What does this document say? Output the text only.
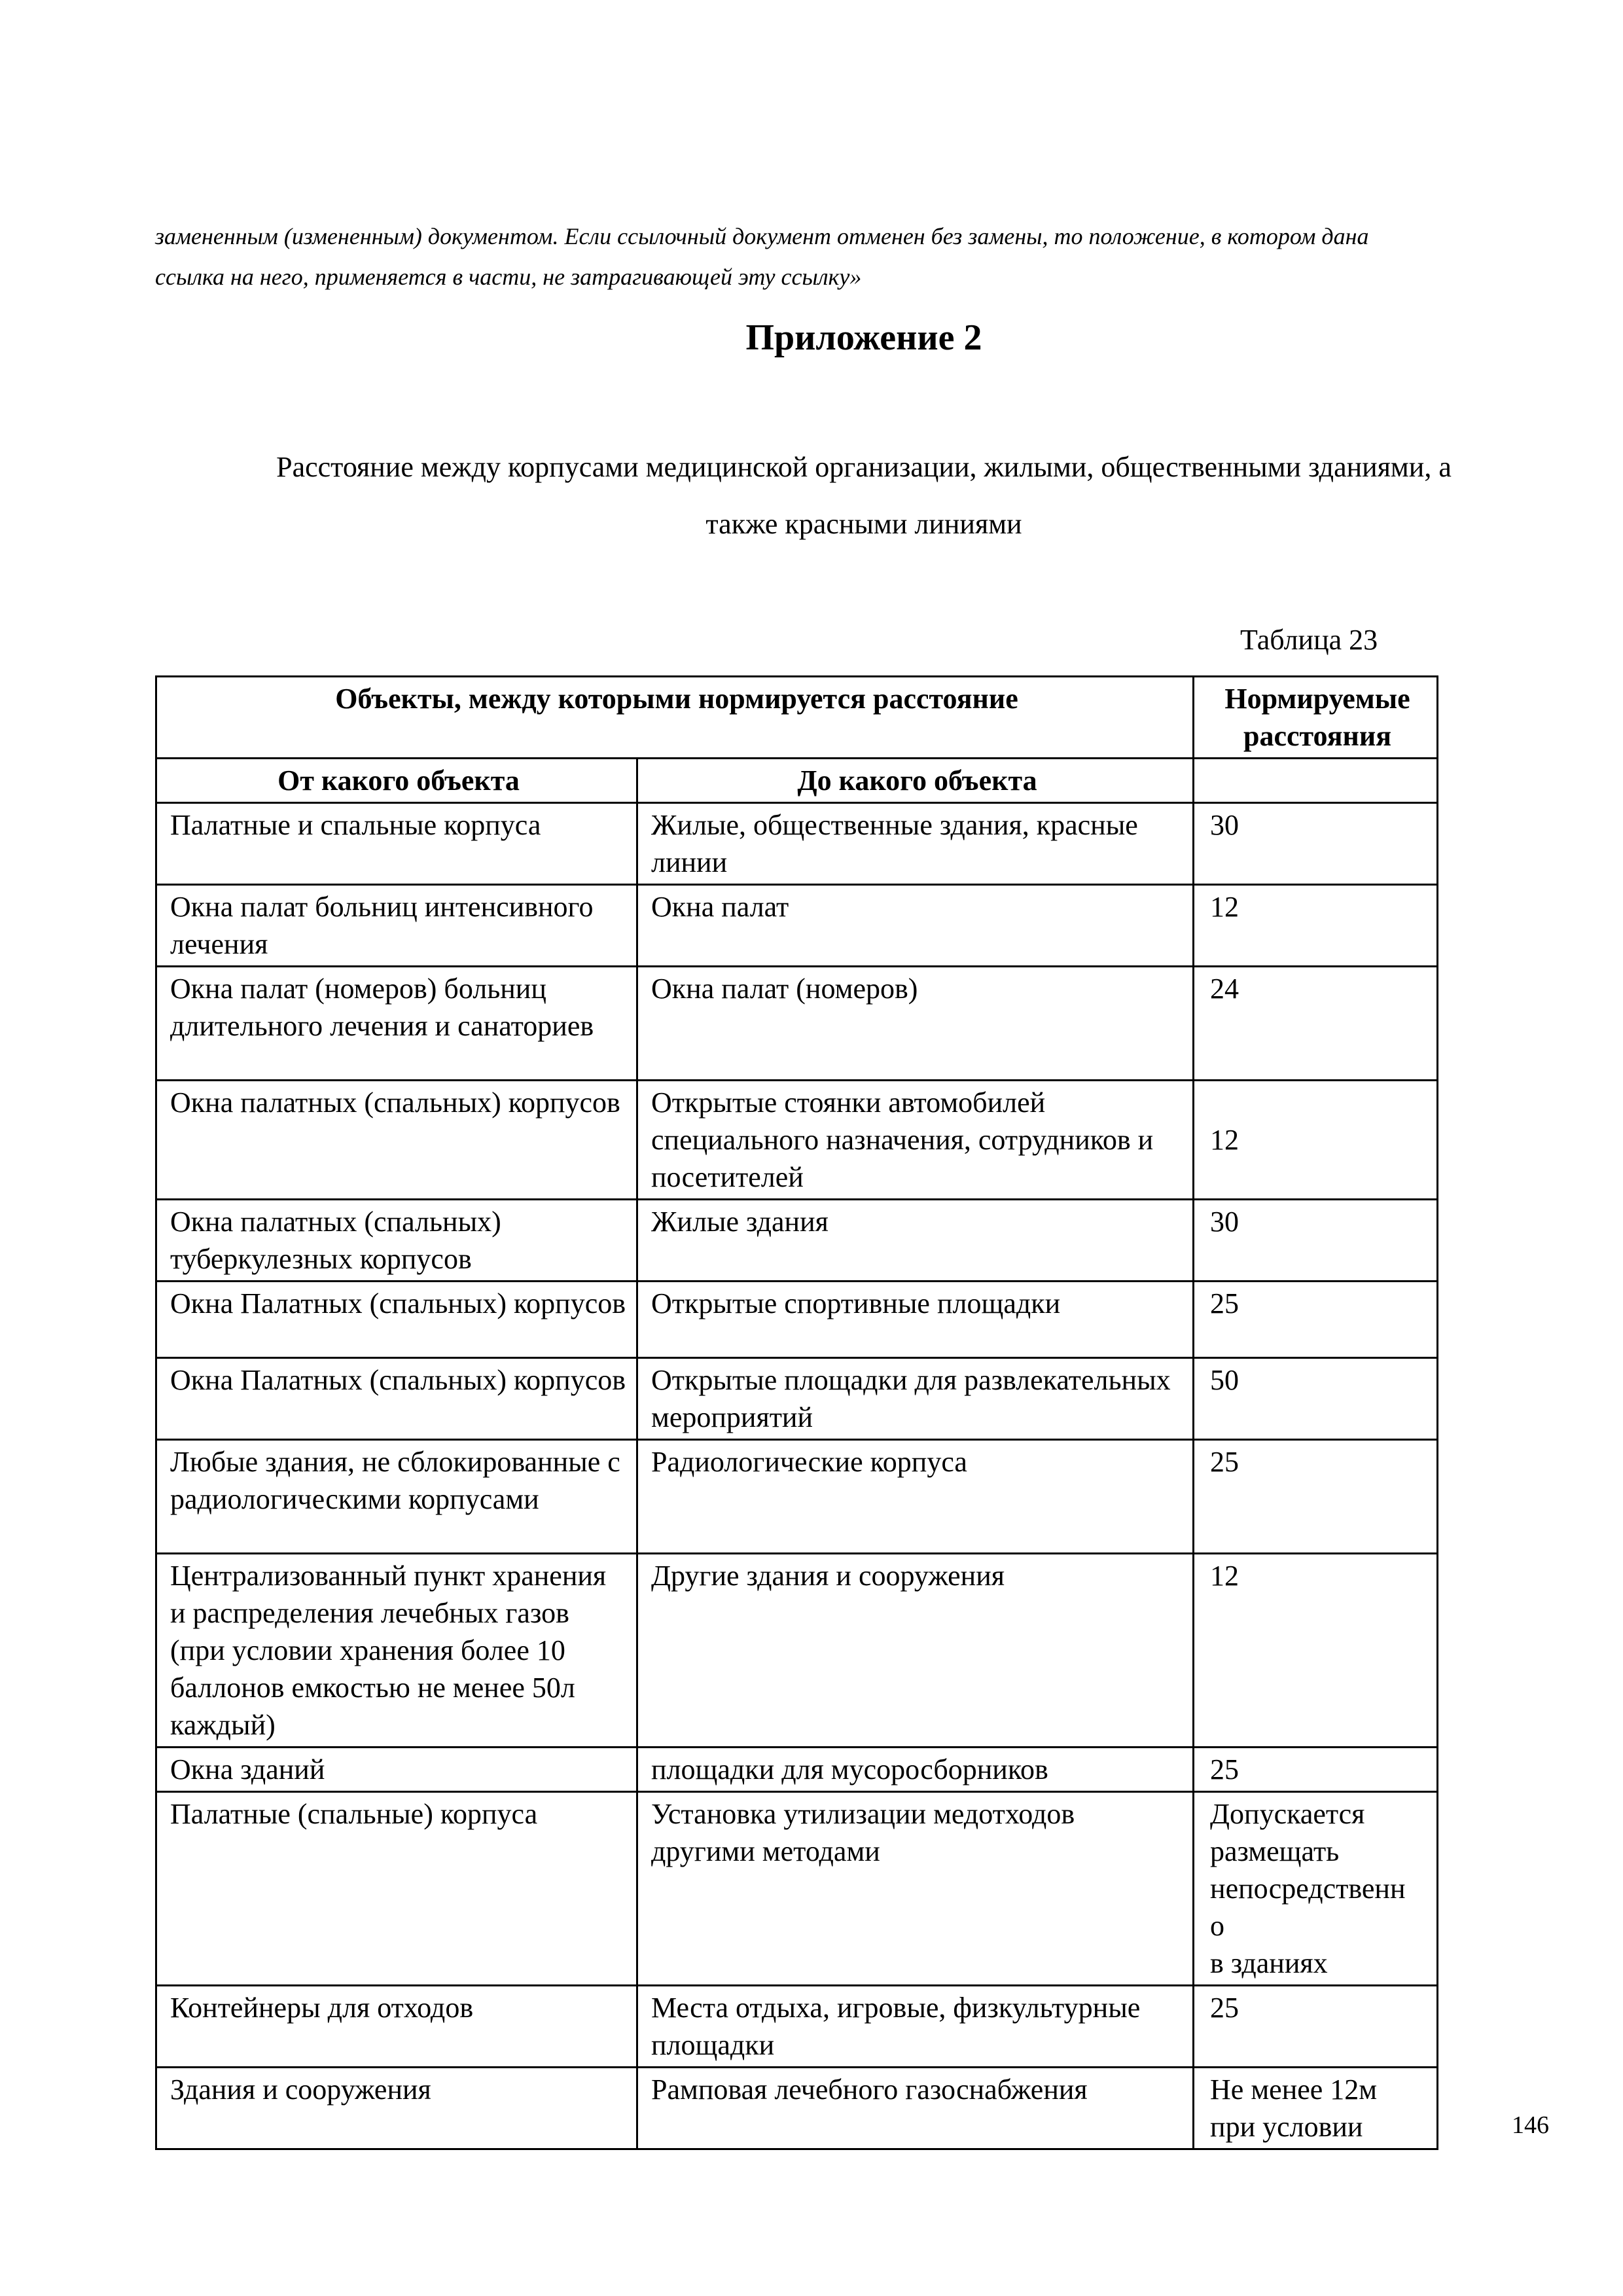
замененным (измененным) документом. Если ссылочный документ отменен без замены, то положение, в котором дана
ссылка на него, применяется в части, не затрагивающей эту ссылку»
Приложение 2
Расстояние между корпусами медицинской организации, жилыми, общественными зданиями, а
также красными линиями
Таблица 23
Объекты, между которыми нормируется расстояние		Нормируемые расстояния
От какого объекта	До какого объекта	
Палатные и спальные корпуса	Жилые, общественные здания, красные линии	30
Окна палат больниц интенсивного лечения	Окна палат	12
Окна палат (номеров) больниц длительного лечения и санаториев	Окна палат (номеров)	24
Окна палатных (спальных) корпусов	Открытые стоянки автомобилей специального назначения, сотрудников и посетителей	12
Окна палатных (спальных) туберкулезных корпусов	Жилые здания	30
Окна Палатных (спальных) корпусов	Открытые спортивные площадки	25
Окна Палатных (спальных) корпусов	Открытые площадки для развлекательных мероприятий	50
Любые здания, не сблокированные с радиологическими корпусами	Радиологические корпуса	25
Централизованный пункт хранения и распределения лечебных газов (при условии хранения более 10 баллонов емкостью не менее 50л каждый)	Другие здания и сооружения	12
Окна зданий	площадки для мусоросборников	25
Палатные (спальные) корпуса	Установка утилизации медотходов другими методами	Допускается размещать непосредственн
о
в зданиях
Контейнеры для отходов	Места отдыха, игровые, физкультурные площадки	25
Здания и сооружения	Рамповая лечебного газоснабжения	Не менее 12м при условии	146
